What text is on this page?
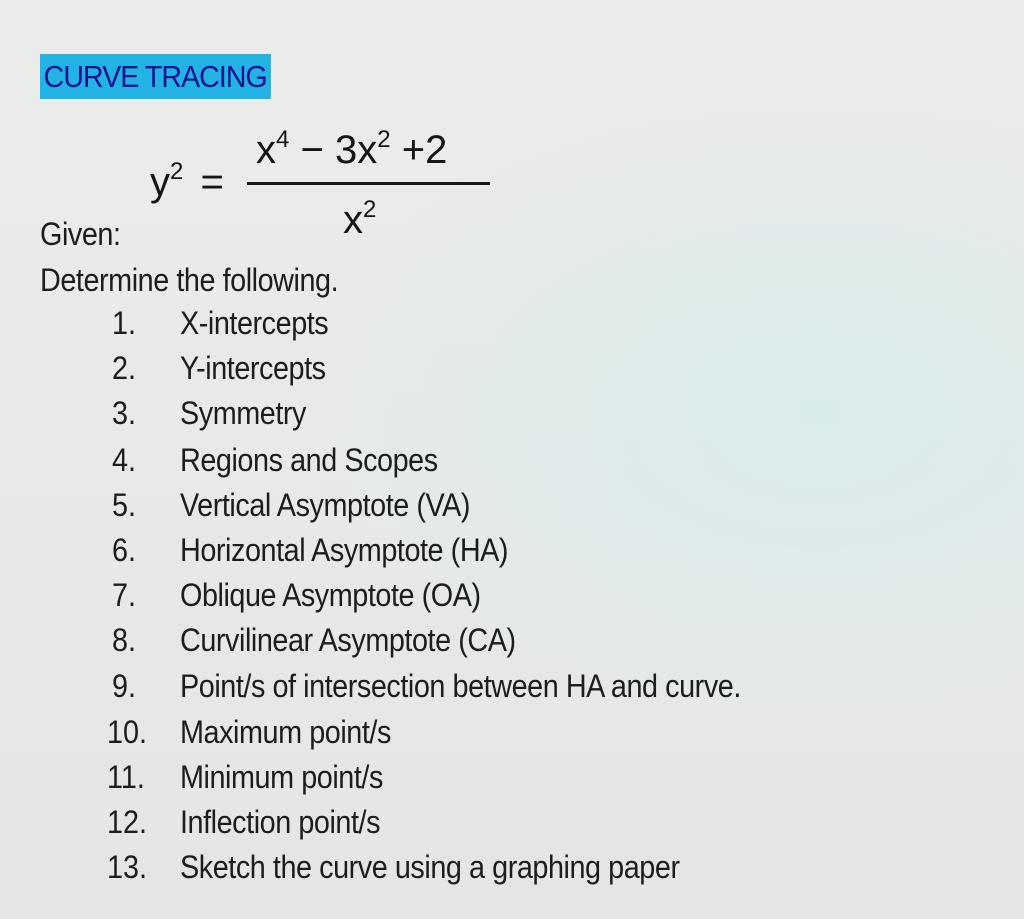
CURVE TRACING
$y^2$ =
$x^4 - 3x^2 +2$
$x^2$
Given:
Determine the following.
1. X-intercepts
2. Y-intercepts
3. Symmetry
4. Regions and Scopes
5. Vertical Asymptote (VA)
6. Horizontal Asymptote (HA)
7. Oblique Asymptote (OA)
8. Curvilinear Asymptote (CA)
9. Point/s of intersection between HA and curve.
10. Maximum point/s
11. Minimum point/s
12. Inflection point/s
13. Sketch the curve using a graphing paper
